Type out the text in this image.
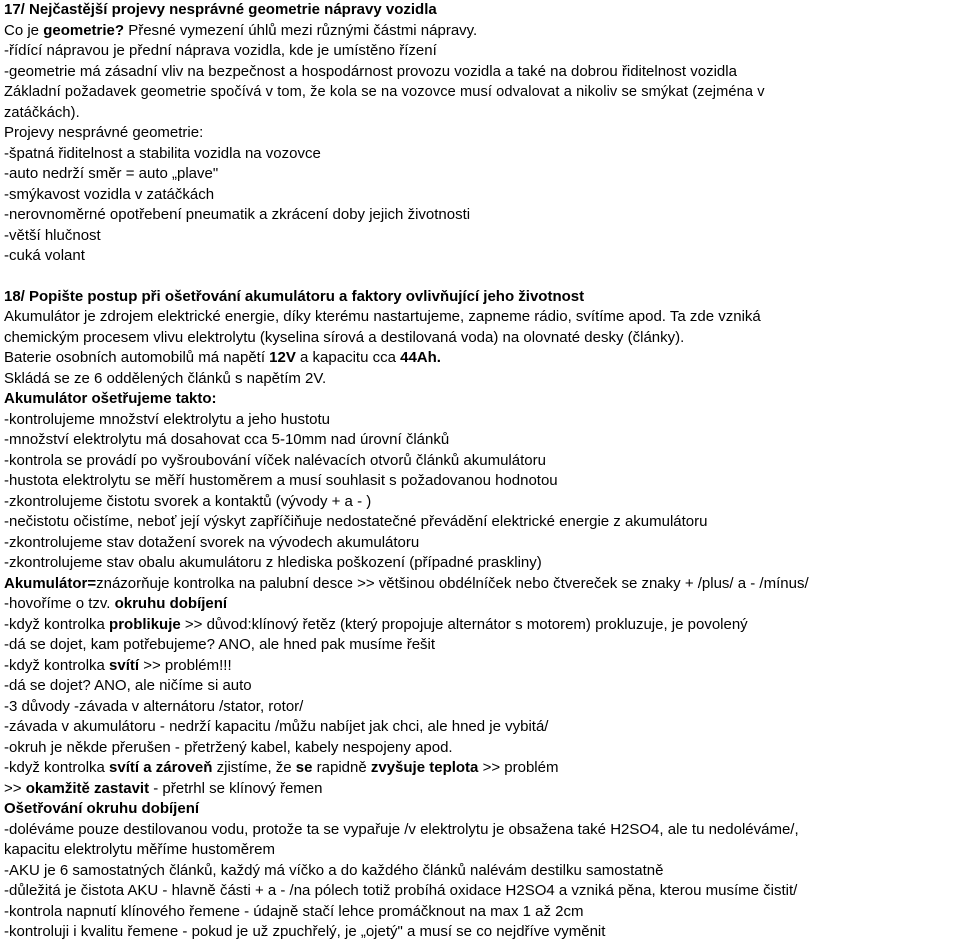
17/ Nejčastější projevy nesprávné geometrie nápravy vozidla
Co je geometrie? Přesné vymezení úhlů mezi různými částmi nápravy.
-řídící nápravou je přední náprava vozidla, kde je umístěno řízení
-geometrie má zásadní vliv na bezpečnost a hospodárnost provozu vozidla a také na dobrou řiditelnost vozidla
Základní požadavek geometrie spočívá v tom, že kola se na vozovce musí odvalovat a nikoliv se smýkat (zejména v
zatáčkách).
Projevy nesprávné geometrie:
-špatná řiditelnost a stabilita vozidla na vozovce
-auto nedrží směr = auto „plave"
-smýkavost vozidla v zatáčkách
-nerovnoměrné opotřebení pneumatik a zkrácení doby jejich životnosti
-větší hlučnost
-cuká volant
18/ Popište postup při ošetřování akumulátoru a faktory ovlivňující jeho životnost
Akumulátor je zdrojem elektrické energie, díky kterému nastartujeme, zapneme rádio, svítíme apod. Ta zde vzniká
chemickým procesem vlivu elektrolytu (kyselina sírová a destilovaná voda) na olovnaté desky (články).
Baterie osobních automobilů má napětí 12V a kapacitu cca 44Ah.
Skládá se ze 6 oddělených článků s napětím 2V.
Akumulátor ošetřujeme takto:
-kontrolujeme množství elektrolytu a jeho hustotu
-množství elektrolytu má dosahovat cca 5-10mm nad úrovní článků
-kontrola se provádí po vyšroubování víček nalévacích otvorů článků akumulátoru
-hustota elektrolytu se měří hustoměrem a musí souhlasit s požadovanou hodnotou
-zkontrolujeme čistotu svorek a kontaktů (vývody + a - )
-nečistotu očistíme, neboť její výskyt zapříčiňuje nedostatečné převádění elektrické energie z akumulátoru
-zkontrolujeme stav dotažení svorek na vývodech akumulátoru
-zkontrolujeme stav obalu akumulátoru z hlediska poškození (případné praskliny)
Akumulátor=znázorňuje kontrolka na palubní desce >> většinou obdélníček nebo čtvereček se znaky + /plus/ a - /mínus/
-hovoříme o tzv. okruhu dobíjení
-když kontrolka problikuje >> důvod:klínový řetěz (který propojuje alternátor s motorem) prokluzuje, je povolený
-dá se dojet, kam potřebujeme? ANO, ale hned pak musíme řešit
-když kontrolka svítí >> problém!!!
-dá se dojet? ANO, ale ničíme si auto
-3 důvody -závada v alternátoru /stator, rotor/
-závada v akumulátoru - nedrží kapacitu /můžu nabíjet jak chci, ale hned je vybitá/
-okruh je někde přerušen - přetržený kabel, kabely nespojeny apod.
-když kontrolka svítí a zároveň zjistíme, že se rapidně zvyšuje teplota >> problém
>> okamžitě zastavit - přetrhl se klínový řemen
Ošetřování okruhu dobíjení
-doléváme pouze destilovanou vodu, protože ta se vypařuje /v elektrolytu je obsažena také H2SO4, ale tu nedoléváme/,
kapacitu elektrolytu měříme hustoměrem
-AKU je 6 samostatných článků, každý má víčko a do každého článků nalévám destilku samostatně
-důležitá je čistota AKU - hlavně části + a - /na pólech totiž probíhá oxidace H2SO4 a vzniká pěna, kterou musíme čistit/
-kontrola napnutí klínového řemene - údajně stačí lehce promáčknout na max 1 až 2cm
-kontroluji i kvalitu řemene - pokud je už zpuchřelý, je „ojetý" a musí se co nejdříve vyměnit
